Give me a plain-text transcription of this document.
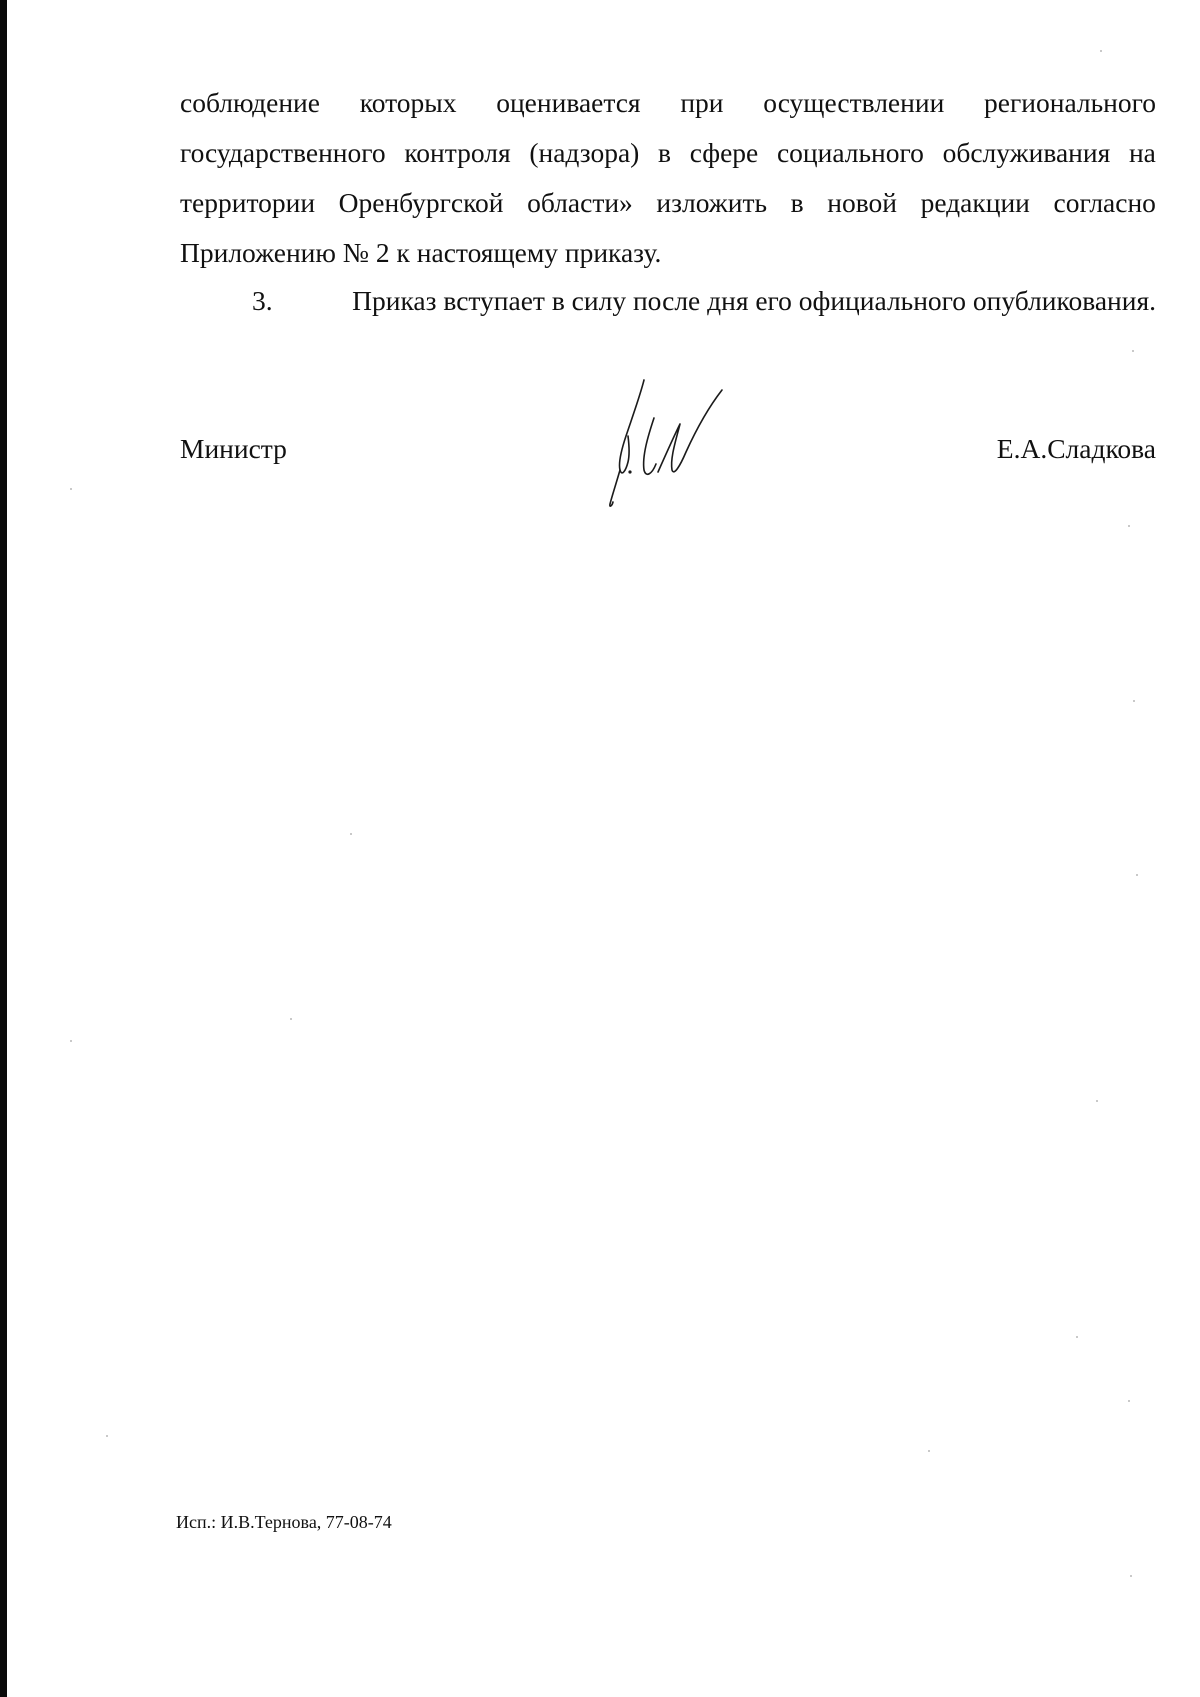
соблюдение которых оценивается при осуществлении регионального
государственного контроля (надзора) в сфере социального обслуживания на
территории Оренбургской области» изложить в новой редакции согласно
Приложению № 2 к настоящему приказу.
3.	Приказ вступает в силу после дня его официального опубликования.
Министр	Е.А.Сладкова
Исп.: И.В.Тернова, 77-08-74
